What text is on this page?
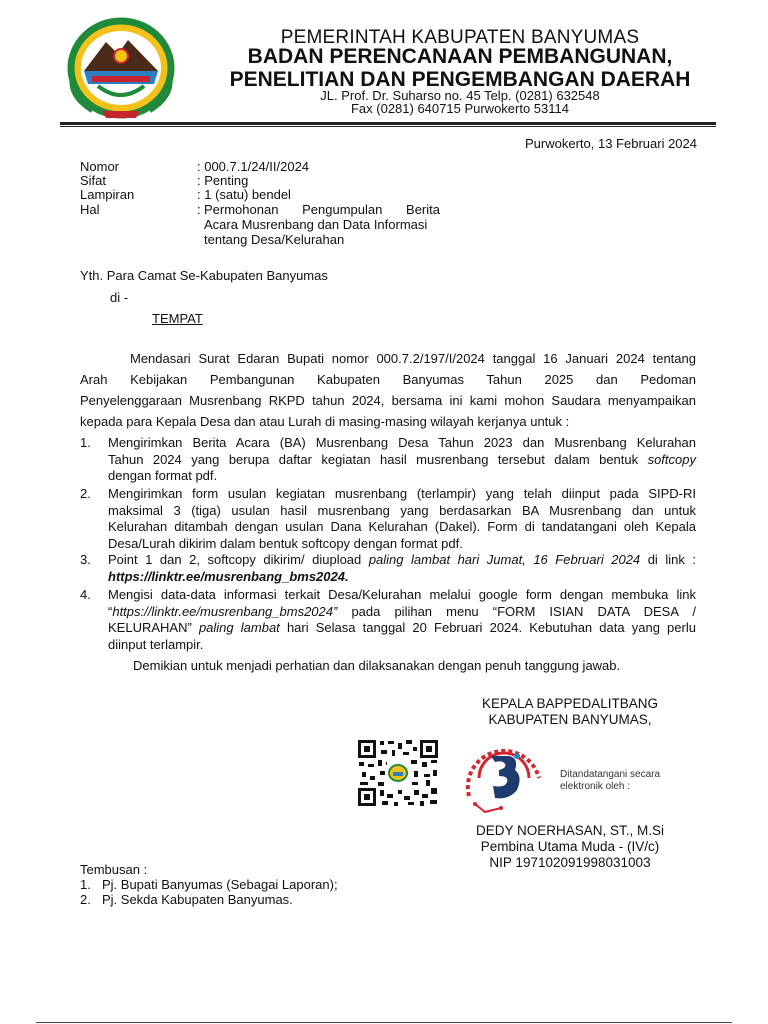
PEMERINTAH KABUPATEN BANYUMAS
BADAN PERENCANAAN PEMBANGUNAN,
PENELITIAN DAN PENGEMBANGAN DAERAH
JL. Prof. Dr. Suharso no. 45 Telp. (0281) 632548
Fax (0281) 640715 Purwokerto 53114
Purwokerto, 13 Februari 2024
Nomor	: 000.7.1/24/II/2024
Sifat	: Penting
Lampiran	: 1 (satu) bendel
Hal	: Permohonan Pengumpulan Berita
Acara Musrenbang dan Data Informasi
tentang Desa/Kelurahan
Yth. Para Camat Se-Kabupaten Banyumas
di -
TEMPAT
Mendasari Surat Edaran Bupati nomor 000.7.2/197/I/2024 tanggal 16 Januari 2024 tentang
Arah Kebijakan Pembangunan Kabupaten Banyumas Tahun 2025 dan Pedoman
Penyelenggaraan Musrenbang RKPD tahun 2024, bersama ini kami mohon Saudara menyampaikan
kepada para Kepala Desa dan atau Lurah di masing-masing wilayah kerjanya untuk :
1. Mengirimkan Berita Acara (BA) Musrenbang Desa Tahun 2023 dan Musrenbang Kelurahan
Tahun 2024 yang berupa daftar kegiatan hasil musrenbang tersebut dalam bentuk softcopy
dengan format pdf.
2. Mengirimkan form usulan kegiatan musrenbang (terlampir) yang telah diinput pada SIPD-RI
maksimal 3 (tiga) usulan hasil musrenbang yang berdasarkan BA Musrenbang dan untuk
Kelurahan ditambah dengan usulan Dana Kelurahan (Dakel). Form di tandatangani oleh Kepala
Desa/Lurah dikirim dalam bentuk softcopy dengan format pdf.
3. Point 1 dan 2, softcopy dikirim/ diupload paling lambat hari Jumat, 16 Februari 2024 di link :
https://linktr.ee/musrenbang_bms2024.
4. Mengisi data-data informasi terkait Desa/Kelurahan melalui google form dengan membuka link
“https://linktr.ee/musrenbang_bms2024” pada pilihan menu “FORM ISIAN DATA DESA /
KELURAHAN” paling lambat hari Selasa tanggal 20 Februari 2024. Kebutuhan data yang perlu
diinput terlampir.
Demikian untuk menjadi perhatian dan dilaksanakan dengan penuh tanggung jawab.
KEPALA BAPPEDALITBANG
KABUPATEN BANYUMAS,
Ditandatangani secara
elektronik oleh :
DEDY NOERHASAN, ST., M.Si
Pembina Utama Muda - (IV/c)
NIP 197102091998031003
Tembusan :
1. Pj. Bupati Banyumas (Sebagai Laporan);
2. Pj. Sekda Kabupaten Banyumas.
